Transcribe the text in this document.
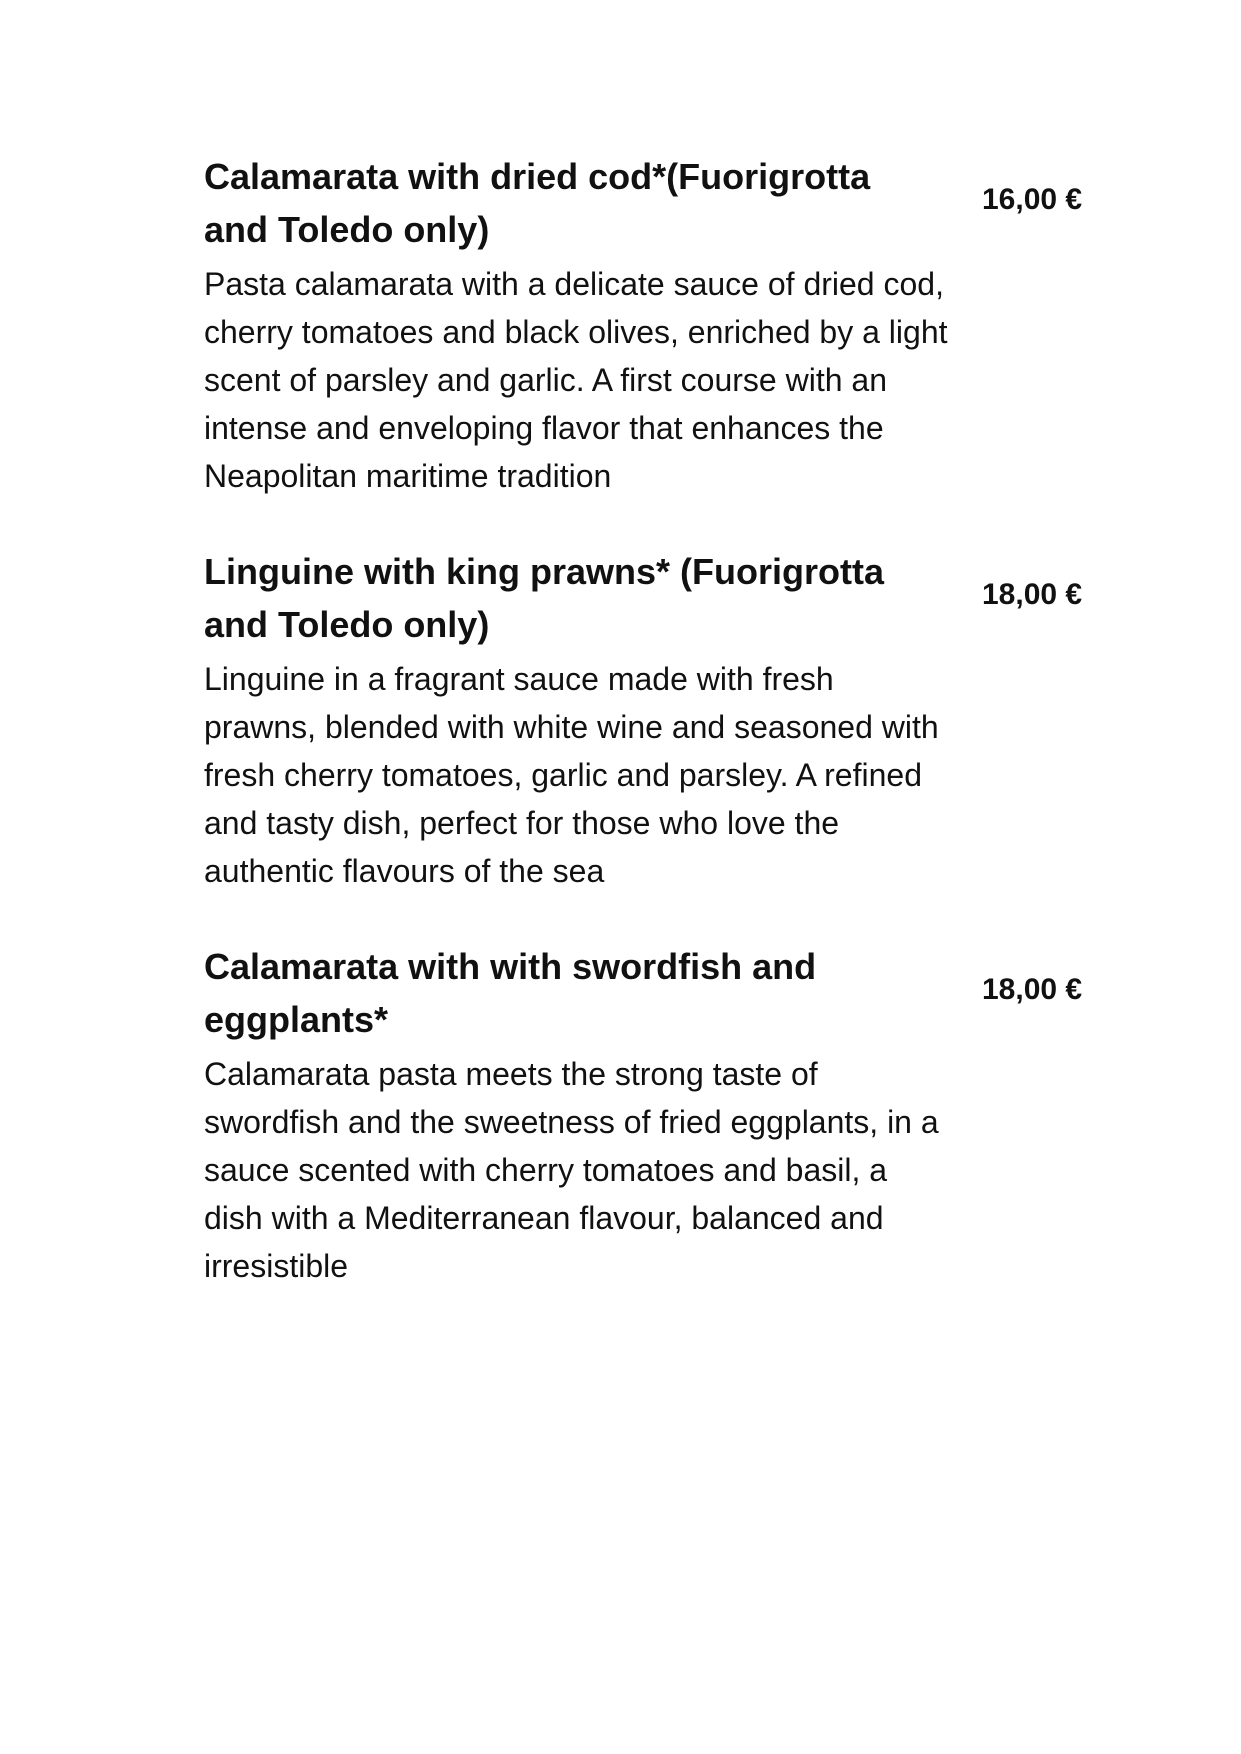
Calamarata with dried cod*(Fuorigrotta and Toledo only)
16,00 €

Pasta calamarata with a delicate sauce of dried cod, cherry tomatoes and black olives, enriched by a light scent of parsley and garlic. A first course with an intense and enveloping flavor that enhances the Neapolitan maritime tradition

Linguine with king prawns* (Fuorigrotta and Toledo only)
18,00 €

Linguine in a fragrant sauce made with fresh prawns, blended with white wine and seasoned with fresh cherry tomatoes, garlic and parsley. A refined and tasty dish, perfect for those who love the authentic flavours of the sea

Calamarata with with swordfish and eggplants*
18,00 €

Calamarata pasta meets the strong taste of swordfish and the sweetness of fried eggplants, in a sauce scented with cherry tomatoes and basil, a dish with a Mediterranean flavour, balanced and irresistible
